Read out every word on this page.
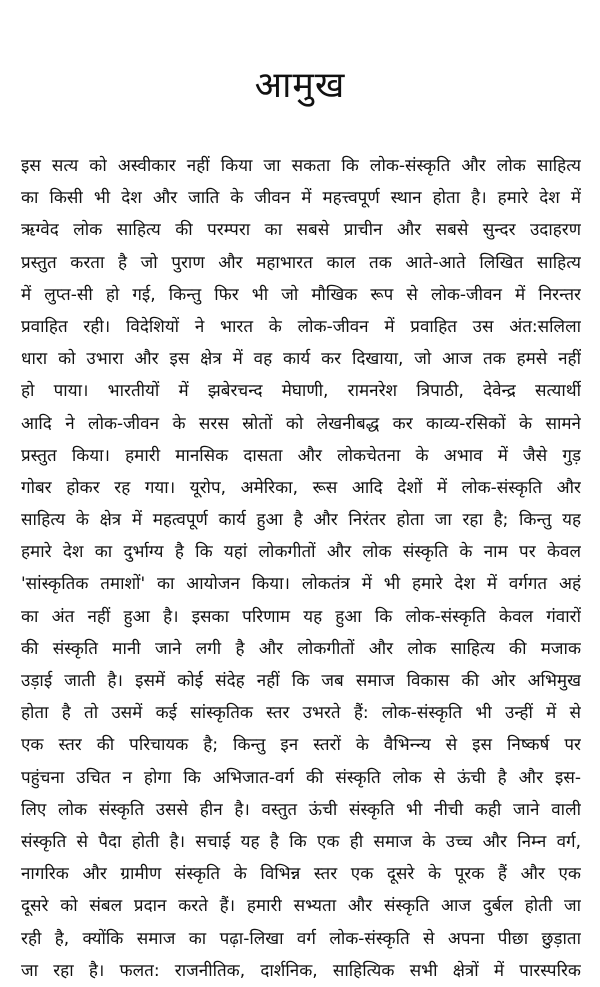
आमुख
इस सत्य को अस्वीकार नहीं किया जा सकता कि लोक-संस्कृति और लोक साहित्य
का किसी भी देश और जाति के जीवन में महत्त्वपूर्ण स्थान होता है। हमारे देश में
ऋग्वेद लोक साहित्य की परम्परा का सबसे प्राचीन और सबसे सुन्दर उदाहरण
प्रस्तुत करता है जो पुराण और महाभारत काल तक आते-आते लिखित साहित्य
में लुप्त-सी हो गई, किन्तु फिर भी जो मौखिक रूप से लोक-जीवन में निरन्तर
प्रवाहित रही। विदेशियों ने भारत के लोक-जीवन में प्रवाहित उस अंत:सलिला
धारा को उभारा और इस क्षेत्र में वह कार्य कर दिखाया, जो आज तक हमसे नहीं
हो पाया। भारतीयों में झबेरचन्द मेघाणी, रामनरेश त्रिपाठी, देवेन्द्र सत्यार्थी
आदि ने लोक-जीवन के सरस स्रोतों को लेखनीबद्ध कर काव्य-रसिकों के सामने
प्रस्तुत किया। हमारी मानसिक दासता और लोकचेतना के अभाव में जैसे गुड़
गोबर होकर रह गया। यूरोप, अमेरिका, रूस आदि देशों में लोक-संस्कृति और
साहित्य के क्षेत्र में महत्वपूर्ण कार्य हुआ है और निरंतर होता जा रहा है; किन्तु यह
हमारे देश का दुर्भाग्य है कि यहां लोकगीतों और लोक संस्कृति के नाम पर केवल
'सांस्कृतिक तमाशों' का आयोजन किया। लोकतंत्र में भी हमारे देश में वर्गगत अहं
का अंत नहीं हुआ है। इसका परिणाम यह हुआ कि लोक-संस्कृति केवल गंवारों
की संस्कृति मानी जाने लगी है और लोकगीतों और लोक साहित्य की मजाक
उड़ाई जाती है। इसमें कोई संदेह नहीं कि जब समाज विकास की ओर अभिमुख
होता है तो उसमें कई सांस्कृतिक स्तर उभरते हैं: लोक-संस्कृति भी उन्हीं में से
एक स्तर की परिचायक है; किन्तु इन स्तरों के वैभिन्न्य से इस निष्कर्ष पर
पहुंचना उचित न होगा कि अभिजात-वर्ग की संस्कृति लोक से ऊंची है और इस-
लिए लोक संस्कृति उससे हीन है। वस्तुत ऊंची संस्कृति भी नीची कही जाने वाली
संस्कृति से पैदा होती है। सचाई यह है कि एक ही समाज के उच्च और निम्न वर्ग,
नागरिक और ग्रामीण संस्कृति के विभिन्न स्तर एक दूसरे के पूरक हैं और एक
दूसरे को संबल प्रदान करते हैं। हमारी सभ्यता और संस्कृति आज दुर्बल होती जा
रही है, क्योंकि समाज का पढ़ा-लिखा वर्ग लोक-संस्कृति से अपना पीछा छुड़ाता
जा रहा है। फलत: राजनीतिक, दार्शनिक, साहित्यिक सभी क्षेत्रों में पारस्परिक
